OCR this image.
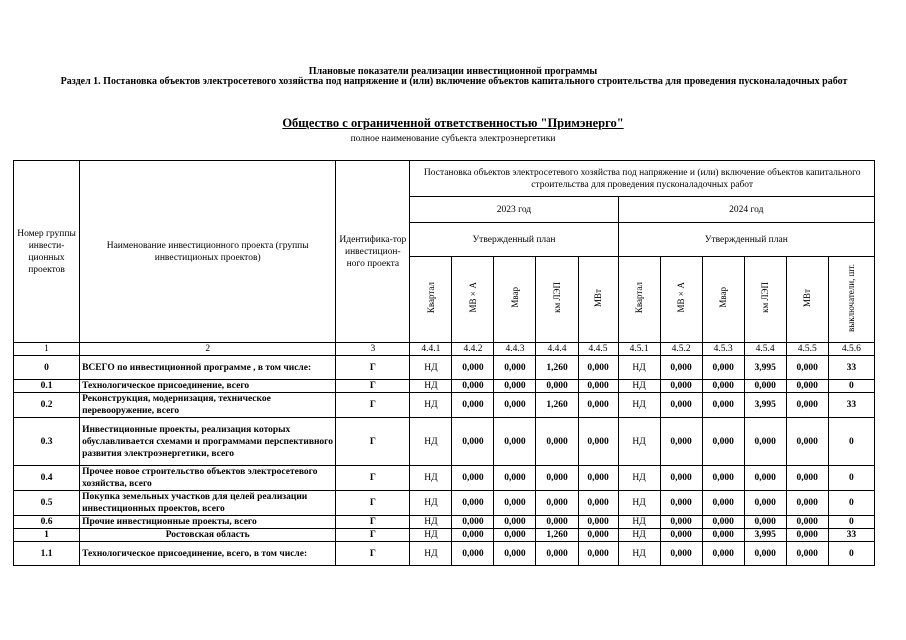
Плановые показатели реализации инвестиционной программы
Раздел 1. Постановка объектов электросетевого хозяйства под напряжение и (или) включение объектов капитального строительства для проведения пусконаладочных работ
Общество с ограниченной ответственностью "Примэнерго"
полное наименование субъекта электроэнергетики
Номер группы инвести-ционных проектов	Наименование инвестиционного проекта (группы инвестиционых проектов)	Идентифика-тор инвестицион-ного проекта	Постановка объектов электросетевого хозяйства под напряжение и (или) включение объектов капитального строительства для проведения пусконаладочных работ										
			2023 год					2024 год					
			Утвержденный план					Утвержденный план					
			Квартал	МВ×А	Мвар	км ЛЭП	МВт	Квартал	МВ×А	Мвар	км ЛЭП	МВт	выключатели, шт.
1	2	3	4.4.1	4.4.2	4.4.3	4.4.4	4.4.5	4.5.1	4.5.2	4.5.3	4.5.4	4.5.5	4.5.6
0	ВСЕГО по инвестиционной программе , в том числе:	Г	НД	0,000	0,000	1,260	0,000	НД	0,000	0,000	3,995	0,000	33
0.1	Технологическое присоединение, всего	Г	НД	0,000	0,000	0,000	0,000	НД	0,000	0,000	0,000	0,000	0
0.2	Реконструкция, модернизация, техническое перевооружение, всего	Г	НД	0,000	0,000	1,260	0,000	НД	0,000	0,000	3,995	0,000	33
0.3	Инвестиционные проекты, реализация которых обуславливается схемами и программами перспективного развития электроэнергетики, всего	Г	НД	0,000	0,000	0,000	0,000	НД	0,000	0,000	0,000	0,000	0
0.4	Прочее новое строительство объектов электросетевого хозяйства, всего	Г	НД	0,000	0,000	0,000	0,000	НД	0,000	0,000	0,000	0,000	0
0.5	Покупка земельных участков для целей реализации инвестиционных проектов, всего	Г	НД	0,000	0,000	0,000	0,000	НД	0,000	0,000	0,000	0,000	0
0.6	Прочие инвестиционные проекты, всего	Г	НД	0,000	0,000	0,000	0,000	НД	0,000	0,000	0,000	0,000	0
1	Ростовская область	Г	НД	0,000	0,000	1,260	0,000	НД	0,000	0,000	3,995	0,000	33
1.1	Технологическое присоединение, всего, в том числе:	Г	НД	0,000	0,000	0,000	0,000	НД	0,000	0,000	0,000	0,000	0
